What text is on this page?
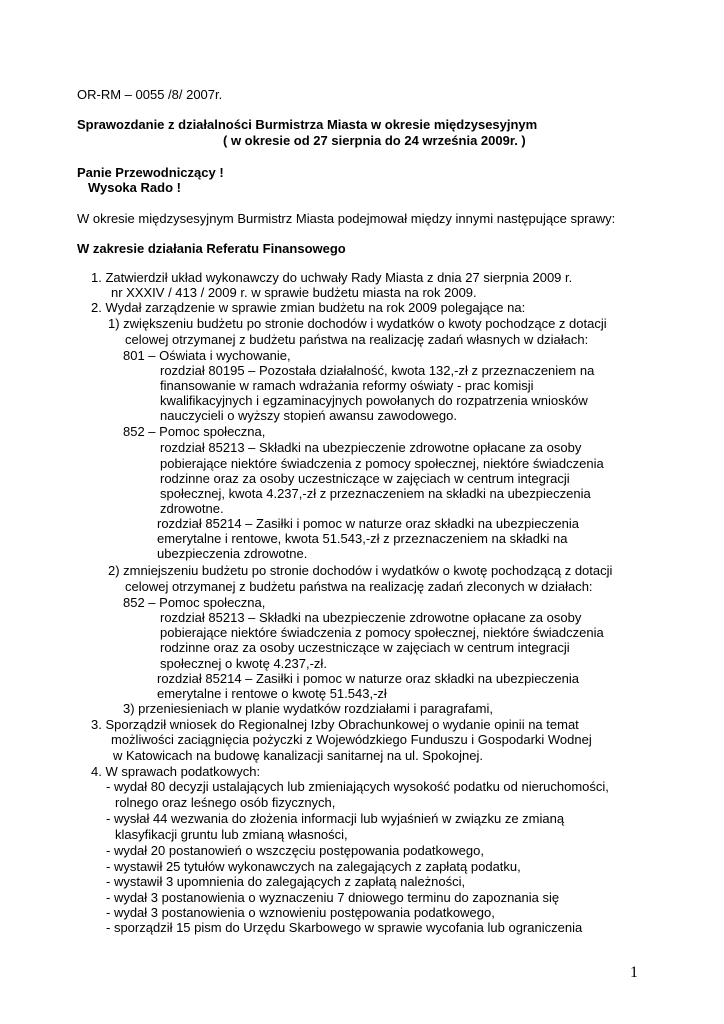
OR-RM – 0055 /8/ 2007r.
Sprawozdanie z działalności Burmistrza Miasta w okresie międzysesyjnym
( w okresie od 27 sierpnia do 24 września 2009r. )
Panie Przewodniczący !
Wysoka Rado !
W okresie międzysesyjnym Burmistrz Miasta podejmował między innymi następujące sprawy:
W zakresie działania Referatu Finansowego
1. Zatwierdził układ wykonawczy do uchwały Rady Miasta z dnia 27 sierpnia 2009 r.
nr XXXIV / 413 / 2009 r. w sprawie budżetu miasta na rok 2009.
2. Wydał zarządzenie w sprawie zmian budżetu na rok 2009 polegające na:
1) zwiększeniu budżetu po stronie dochodów i wydatków o kwoty pochodzące z dotacji
celowej otrzymanej z budżetu państwa na realizację zadań własnych w działach:
801 – Oświata i wychowanie,
rozdział 80195 – Pozostała działalność, kwota 132,-zł z przeznaczeniem na
finansowanie w ramach wdrażania reformy oświaty - prac komisji
kwalifikacyjnych i egzaminacyjnych powołanych do rozpatrzenia wniosków
nauczycieli o wyższy stopień awansu zawodowego.
852 – Pomoc społeczna,
rozdział 85213 – Składki na ubezpieczenie zdrowotne opłacane za osoby
pobierające niektóre świadczenia z pomocy społecznej, niektóre świadczenia
rodzinne oraz za osoby uczestniczące w zajęciach w centrum integracji
społecznej, kwota 4.237,-zł z przeznaczeniem na składki na ubezpieczenia
zdrowotne.
rozdział 85214 – Zasiłki i pomoc w naturze oraz składki na ubezpieczenia
emerytalne i rentowe, kwota 51.543,-zł z przeznaczeniem na składki na
ubezpieczenia zdrowotne.
2) zmniejszeniu budżetu po stronie dochodów i wydatków o kwotę pochodzącą z dotacji
celowej otrzymanej z budżetu państwa na realizację zadań zleconych w działach:
852 – Pomoc społeczna,
rozdział 85213 – Składki na ubezpieczenie zdrowotne opłacane za osoby
pobierające niektóre świadczenia z pomocy społecznej, niektóre świadczenia
rodzinne oraz za osoby uczestniczące w zajęciach w centrum integracji
społecznej o kwotę 4.237,-zł.
rozdział 85214 – Zasiłki i pomoc w naturze oraz składki na ubezpieczenia
emerytalne i rentowe o kwotę 51.543,-zł
3) przeniesieniach w planie wydatków rozdziałami i paragrafami,
3. Sporządził wniosek do Regionalnej Izby Obrachunkowej o wydanie opinii na temat
możliwości zaciągnięcia pożyczki z Wojewódzkiego Funduszu i Gospodarki Wodnej
w Katowicach na budowę kanalizacji sanitarnej na ul. Spokojnej.
4. W sprawach podatkowych:
- wydał 80 decyzji ustalających lub zmieniających wysokość podatku od nieruchomości,
rolnego oraz leśnego osób fizycznych,
- wysłał 44 wezwania do złożenia informacji lub wyjaśnień w związku ze zmianą
klasyfikacji gruntu lub zmianą własności,
- wydał 20 postanowień o wszczęciu postępowania podatkowego,
- wystawił 25 tytułów wykonawczych na zalegających z zapłatą podatku,
- wystawił 3 upomnienia do zalegających z zapłatą należności,
- wydał 3 postanowienia o wyznaczeniu 7 dniowego terminu do zapoznania się
- wydał 3 postanowienia o wznowieniu postępowania podatkowego,
- sporządził 15 pism do Urzędu Skarbowego w sprawie wycofania lub ograniczenia
1
